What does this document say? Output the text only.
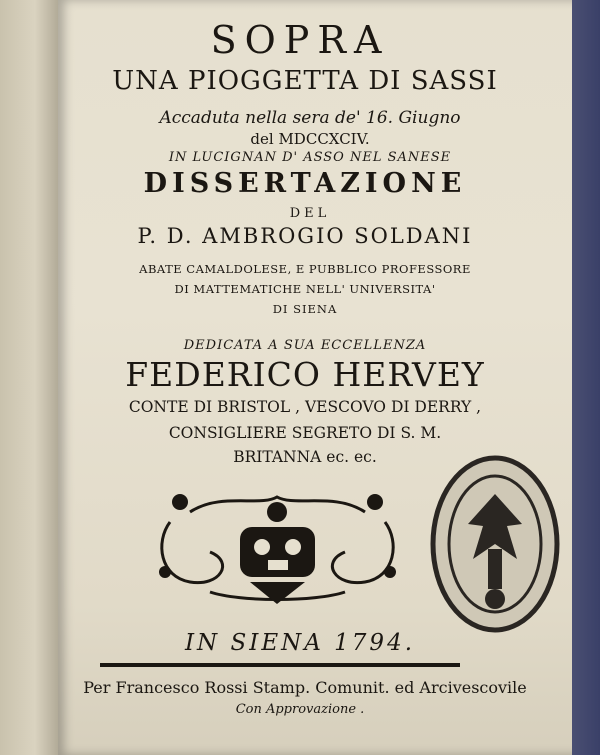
SOPRA
UNA PIOGGETTA DI SASSI
Accaduta nella sera de' 16. Giugno
del MDCCXCIV.
IN LUCIGNAN D' ASSO NEL SANESE
DISSERTAZIONE
DEL
P. D. AMBROGIO SOLDANI
ABATE CAMALDOLESE, E PUBBLICO PROFESSORE
DI MATTEMATICHE NELL' UNIVERSITA'
DI SIENA
DEDICATA A SUA ECCELLENZA
FEDERICO HERVEY
CONTE DI BRISTOL , VESCOVO DI DERRY ,
CONSIGLIERE SEGRETO DI S. M.
BRITANNA ec. ec.
IN SIENA 1794.
Per Francesco Rossi Stamp. Comunit. ed Arcivescovile
Con Approvazione .
